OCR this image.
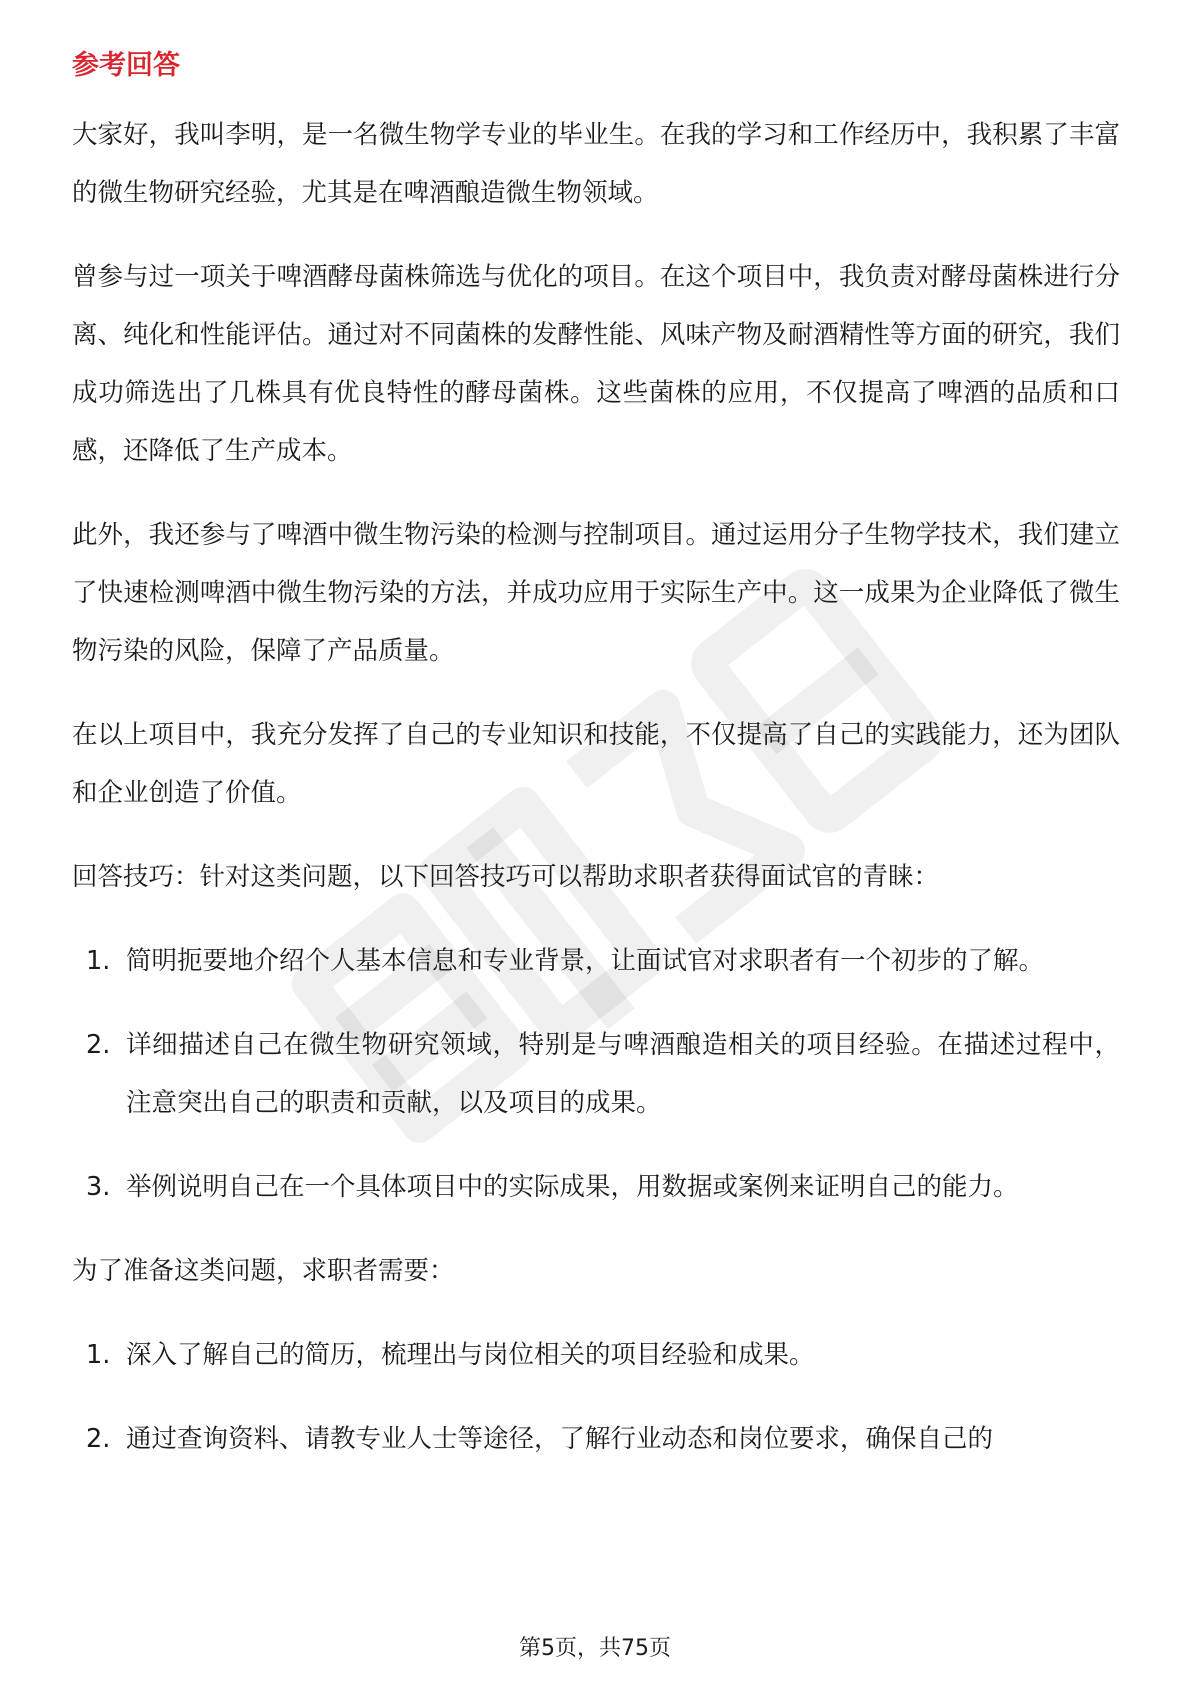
参考回答

大家好，我叫李明，是一名微生物学专业的毕业生。在我的学习和工作经历中，我积累了丰富的微生物研究经验，尤其是在啤酒酿造微生物领域。

曾参与过一项关于啤酒酵母菌株筛选与优化的项目。在这个项目中，我负责对酵母菌株进行分离、纯化和性能评估。通过对不同菌株的发酵性能、风味产物及耐酒精性等方面的研究，我们成功筛选出了几株具有优良特性的酵母菌株。这些菌株的应用，不仅提高了啤酒的品质和口感，还降低了生产成本。

此外，我还参与了啤酒中微生物污染的检测与控制项目。通过运用分子生物学技术，我们建立了快速检测啤酒中微生物污染的方法，并成功应用于实际生产中。这一成果为企业降低了微生物污染的风险，保障了产品质量。

在以上项目中，我充分发挥了自己的专业知识和技能，不仅提高了自己的实践能力，还为团队和企业创造了价值。

回答技巧：针对这类问题，以下回答技巧可以帮助求职者获得面试官的青睐：

1. 简明扼要地介绍个人基本信息和专业背景，让面试官对求职者有一个初步的了解。
2. 详细描述自己在微生物研究领域，特别是与啤酒酿造相关的项目经验。在描述过程中，注意突出自己的职责和贡献，以及项目的成果。
3. 举例说明自己在一个具体项目中的实际成果，用数据或案例来证明自己的能力。

为了准备这类问题，求职者需要：

1. 深入了解自己的简历，梳理出与岗位相关的项目经验和成果。
2. 通过查询资料、请教专业人士等途径，了解行业动态和岗位要求，确保自己的
第5页，共75页
